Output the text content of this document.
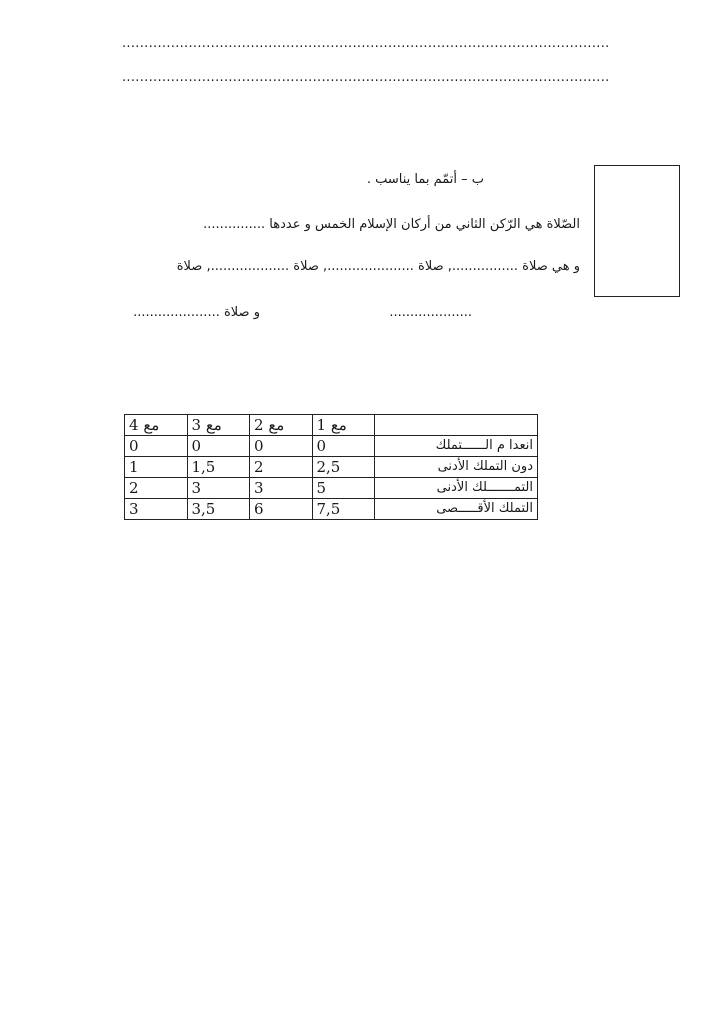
..............................................................................................................
..............................................................................................................
ب – أتمّم بما يناسب .
الصّلاة هي الرّكن الثاني من أركان الإسلام الخمس و عددها ...............
و هي صلاة ................, صلاة ....................., صلاة ..................., صلاة
و صلاة .....................	....................
	مع 1	مع 2	مع 3	مع 4
انعدا م الــــــتملك	0	0	0	0
دون التملك الأدنى	2,5	2	1,5	1
التمـــــــلك الأدنى	5	3	3	2
التملك الأقـــــصى	7,5	6	3,5	3
